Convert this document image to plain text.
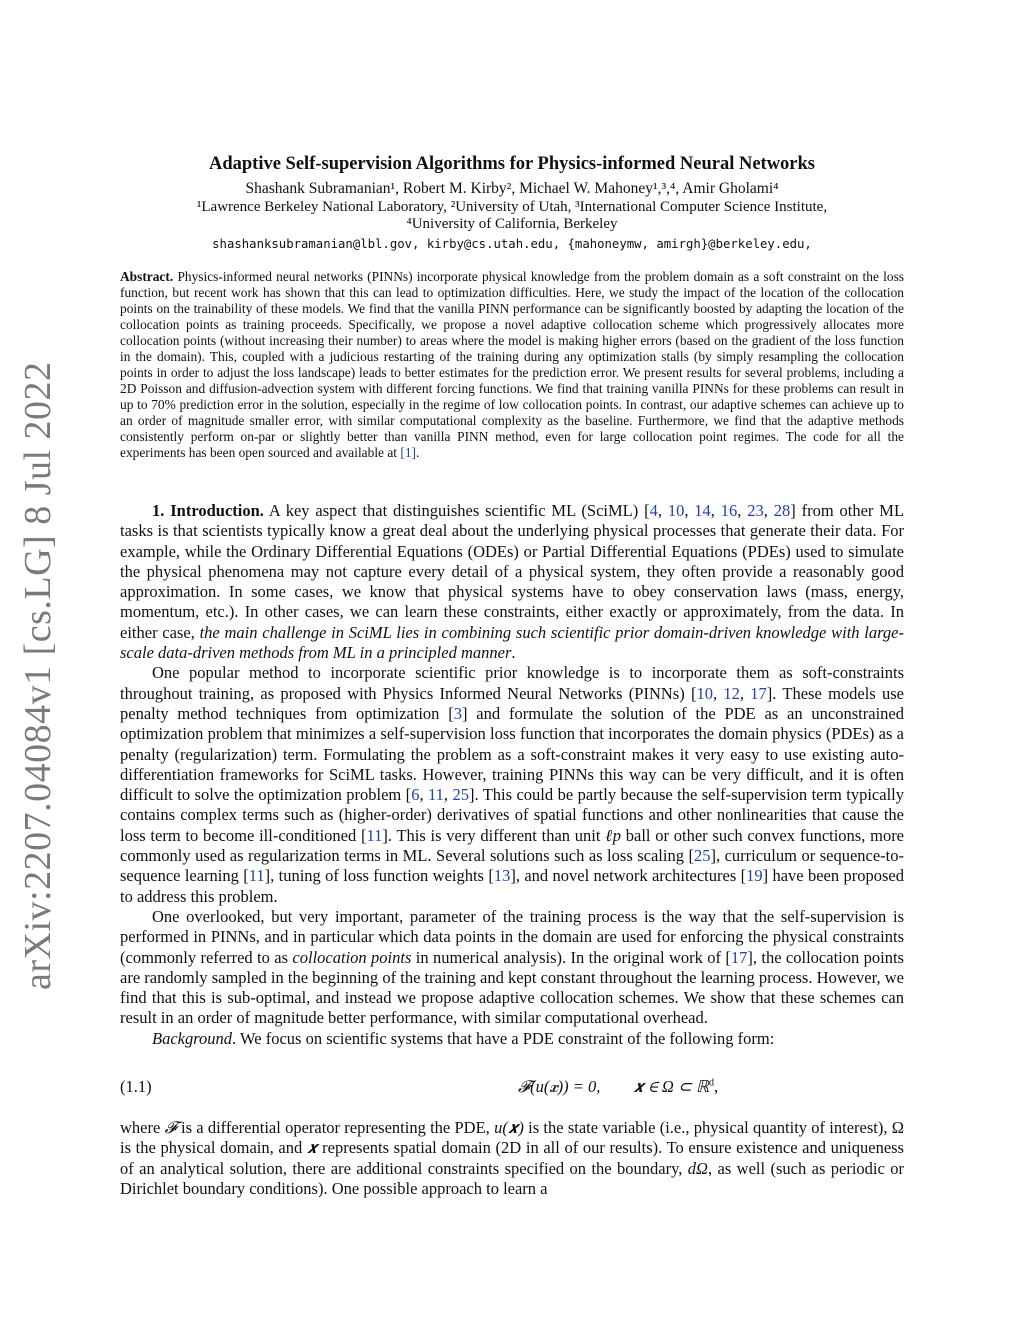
arXiv:2207.04084v1 [cs.LG] 8 Jul 2022
Adaptive Self-supervision Algorithms for Physics-informed Neural Networks
Shashank Subramanian¹, Robert M. Kirby², Michael W. Mahoney¹,³,⁴, Amir Gholami⁴
¹Lawrence Berkeley National Laboratory, ²University of Utah, ³International Computer Science Institute,
⁴University of California, Berkeley
shashanksubramanian@lbl.gov, kirby@cs.utah.edu, {mahoneymw, amirgh}@berkeley.edu,
Abstract. Physics-informed neural networks (PINNs) incorporate physical knowledge from the problem domain as a soft constraint on the loss function, but recent work has shown that this can lead to optimization difficulties. Here, we study the impact of the location of the collocation points on the trainability of these models. We find that the vanilla PINN performance can be significantly boosted by adapting the location of the collocation points as training proceeds. Specifically, we propose a novel adaptive collocation scheme which progressively allocates more collocation points (without increasing their number) to areas where the model is making higher errors (based on the gradient of the loss function in the domain). This, coupled with a judicious restarting of the training during any optimization stalls (by simply resampling the collocation points in order to adjust the loss landscape) leads to better estimates for the prediction error. We present results for several problems, including a 2D Poisson and diffusion-advection system with different forcing functions. We find that training vanilla PINNs for these problems can result in up to 70% prediction error in the solution, especially in the regime of low collocation points. In contrast, our adaptive schemes can achieve up to an order of magnitude smaller error, with similar computational complexity as the baseline. Furthermore, we find that the adaptive methods consistently perform on-par or slightly better than vanilla PINN method, even for large collocation point regimes. The code for all the experiments has been open sourced and available at [1].

1. Introduction. A key aspect that distinguishes scientific ML (SciML) [4, 10, 14, 16, 23, 28] from other ML tasks is that scientists typically know a great deal about the underlying physical processes that generate their data. For example, while the Ordinary Differential Equations (ODEs) or Partial Differential Equations (PDEs) used to simulate the physical phenomena may not capture every detail of a physical system, they often provide a reasonably good approximation. In some cases, we know that physical systems have to obey conservation laws (mass, energy, momentum, etc.). In other cases, we can learn these constraints, either exactly or approximately, from the data. In either case, the main challenge in SciML lies in combining such scientific prior domain-driven knowledge with large-scale data-driven methods from ML in a principled manner.

One popular method to incorporate scientific prior knowledge is to incorporate them as soft-constraints throughout training, as proposed with Physics Informed Neural Networks (PINNs) [10, 12, 17]. These models use penalty method techniques from optimization [3] and formulate the solution of the PDE as an unconstrained optimization problem that minimizes a self-supervision loss function that incorporates the domain physics (PDEs) as a penalty (regularization) term. Formulating the problem as a soft-constraint makes it very easy to use existing auto-differentiation frameworks for SciML tasks. However, training PINNs this way can be very difficult, and it is often difficult to solve the optimization problem [6, 11, 25]. This could be partly because the self-supervision term typically contains complex terms such as (higher-order) derivatives of spatial functions and other nonlinearities that cause the loss term to become ill-conditioned [11]. This is very different than unit ℓp ball or other such convex functions, more commonly used as regularization terms in ML. Several solutions such as loss scaling [25], curriculum or sequence-to-sequence learning [11], tuning of loss function weights [13], and novel network architectures [19] have been proposed to address this problem.

One overlooked, but very important, parameter of the training process is the way that the self-supervision is performed in PINNs, and in particular which data points in the domain are used for enforcing the physical constraints (commonly referred to as collocation points in numerical analysis). In the original work of [17], the collocation points are randomly sampled in the beginning of the training and kept constant throughout the learning process. However, we find that this is sub-optimal, and instead we propose adaptive collocation schemes. We show that these schemes can result in an order of magnitude better performance, with similar computational overhead.

Background. We focus on scientific systems that have a PDE constraint of the following form:

(1.1)	𝓕(u(𝒙)) = 0, 𝒙 ∈ Ω ⊂ ℝ$^d$,

where 𝓕 is a differential operator representing the PDE, u(𝒙) is the state variable (i.e., physical quantity of interest), Ω is the physical domain, and 𝒙 represents spatial domain (2D in all of our results). To ensure existence and uniqueness of an analytical solution, there are additional constraints specified on the boundary, dΩ, as well (such as periodic or Dirichlet boundary conditions). One possible approach to learn a
